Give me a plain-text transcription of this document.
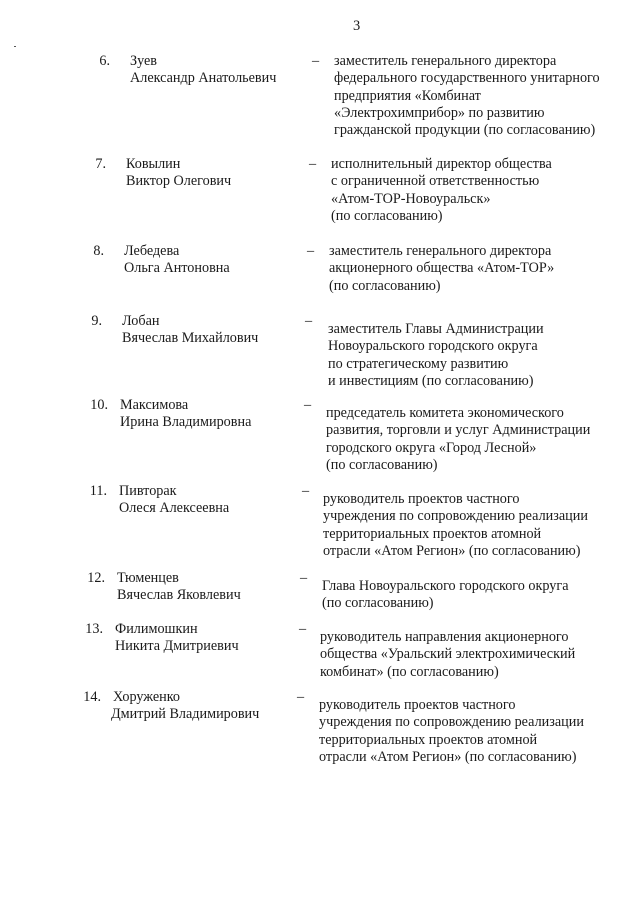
3
6. Зуев
Александр Анатольевич
– заместитель генерального директора
федерального государственного унитарного
предприятия «Комбинат
«Электрохимприбор» по развитию
гражданской продукции (по согласованию)
7. Ковылин
Виктор Олегович
– исполнительный директор общества
с ограниченной ответственностью
«Атом-ТОР-Новоуральск»
(по согласованию)
8. Лебедева
Ольга Антоновна
– заместитель генерального директора
акционерного общества «Атом-ТОР»
(по согласованию)
9. Лобан
Вячеслав Михайлович
– заместитель Главы Администрации
Новоуральского городского округа
по стратегическому развитию
и инвестициям (по согласованию)
10. Максимова
Ирина Владимировна
– председатель комитета экономического
развития, торговли и услуг Администрации
городского округа «Город Лесной»
(по согласованию)
11. Пивторак
Олеся Алексеевна
– руководитель проектов частного
учреждения по сопровождению реализации
территориальных проектов атомной
отрасли «Атом Регион» (по согласованию)
12. Тюменцев
Вячеслав Яковлевич
– Глава Новоуральского городского округа
(по согласованию)
13. Филимошкин
Никита Дмитриевич
– руководитель направления акционерного
общества «Уральский электрохимический
комбинат» (по согласованию)
14. Хоруженко
Дмитрий Владимирович
– руководитель проектов частного
учреждения по сопровождению реализации
территориальных проектов атомной
отрасли «Атом Регион» (по согласованию)
